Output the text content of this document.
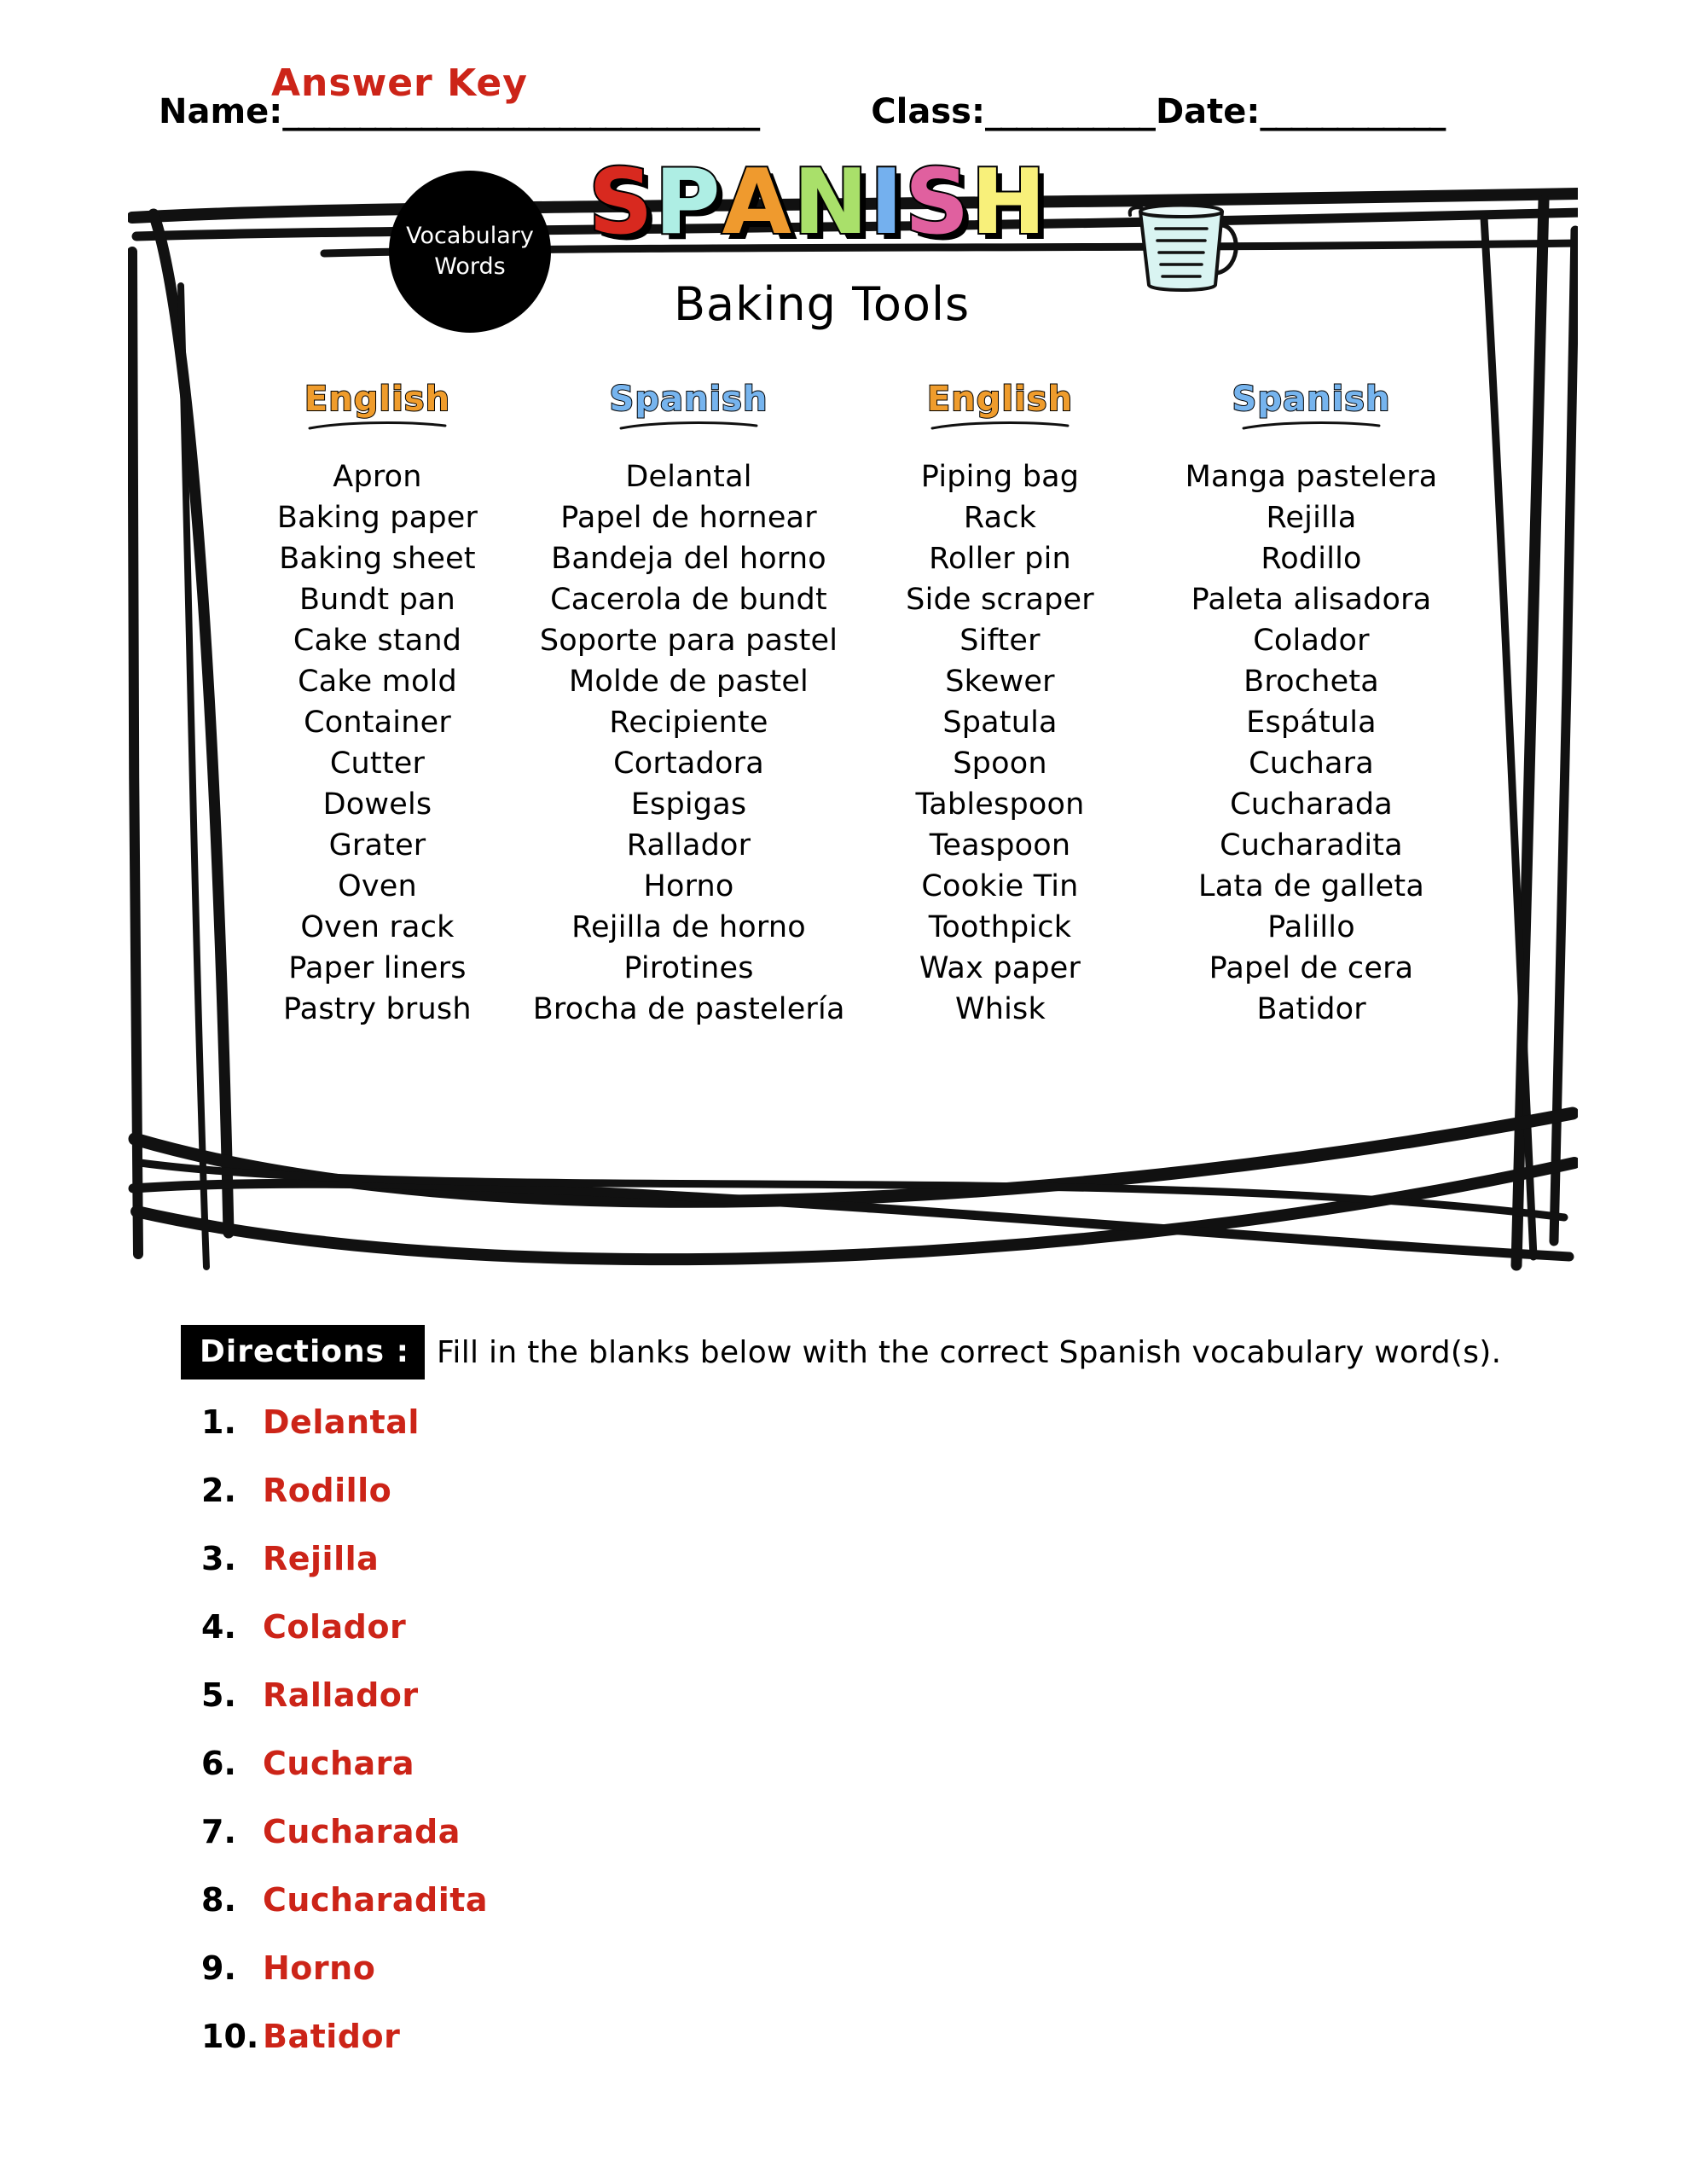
Answer Key
Name: _______________________________	Class: ___________ Date: ____________
Vocabulary
Words
SPANISH
Baking Tools
English	Spanish	English	Spanish
Apron	Delantal	Piping bag	Manga pastelera
Baking paper	Papel de hornear	Rack	Rejilla
Baking sheet	Bandeja del horno	Roller pin	Rodillo
Bundt pan	Cacerola de bundt	Side scraper	Paleta alisadora
Cake stand	Soporte para pastel	Sifter	Colador
Cake mold	Molde de pastel	Skewer	Brocheta
Container	Recipiente	Spatula	Espátula
Cutter	Cortadora	Spoon	Cuchara
Dowels	Espigas	Tablespoon	Cucharada
Grater	Rallador	Teaspoon	Cucharadita
Oven	Horno	Cookie Tin	Lata de galleta
Oven rack	Rejilla de horno	Toothpick	Palillo
Paper liners	Pirotines	Wax paper	Papel de cera
Pastry brush	Brocha de pastelería	Whisk	Batidor
Directions : Fill in the blanks below with the correct Spanish vocabulary word(s).
1. Delantal
2. Rodillo
3. Rejilla
4. Colador
5. Rallador
6. Cuchara
7. Cucharada
8. Cucharadita
9. Horno
10. Batidor
